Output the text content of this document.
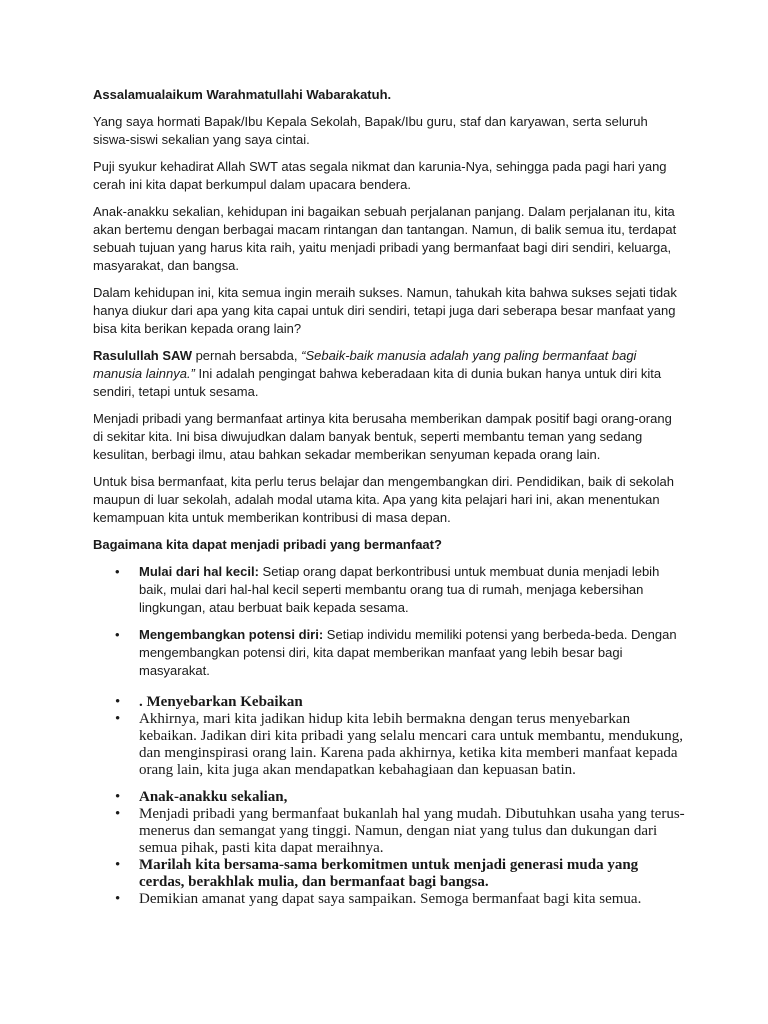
Assalamualaikum Warahmatullahi Wabarakatuh.

Yang saya hormati Bapak/Ibu Kepala Sekolah, Bapak/Ibu guru, staf dan karyawan, serta seluruh siswa-siswi sekalian yang saya cintai.

Puji syukur kehadirat Allah SWT atas segala nikmat dan karunia-Nya, sehingga pada pagi hari yang cerah ini kita dapat berkumpul dalam upacara bendera.

Anak-anakku sekalian, kehidupan ini bagaikan sebuah perjalanan panjang. Dalam perjalanan itu, kita akan bertemu dengan berbagai macam rintangan dan tantangan. Namun, di balik semua itu, terdapat sebuah tujuan yang harus kita raih, yaitu menjadi pribadi yang bermanfaat bagi diri sendiri, keluarga, masyarakat, dan bangsa.

Dalam kehidupan ini, kita semua ingin meraih sukses. Namun, tahukah kita bahwa sukses sejati tidak hanya diukur dari apa yang kita capai untuk diri sendiri, tetapi juga dari seberapa besar manfaat yang bisa kita berikan kepada orang lain?

Rasulullah SAW pernah bersabda, “Sebaik-baik manusia adalah yang paling bermanfaat bagi manusia lainnya.” Ini adalah pengingat bahwa keberadaan kita di dunia bukan hanya untuk diri kita sendiri, tetapi untuk sesama.

Menjadi pribadi yang bermanfaat artinya kita berusaha memberikan dampak positif bagi orang-orang di sekitar kita. Ini bisa diwujudkan dalam banyak bentuk, seperti membantu teman yang sedang kesulitan, berbagi ilmu, atau bahkan sekadar memberikan senyuman kepada orang lain.

Untuk bisa bermanfaat, kita perlu terus belajar dan mengembangkan diri. Pendidikan, baik di sekolah maupun di luar sekolah, adalah modal utama kita. Apa yang kita pelajari hari ini, akan menentukan kemampuan kita untuk memberikan kontribusi di masa depan.

Bagaimana kita dapat menjadi pribadi yang bermanfaat?

• Mulai dari hal kecil: Setiap orang dapat berkontribusi untuk membuat dunia menjadi lebih baik, mulai dari hal-hal kecil seperti membantu orang tua di rumah, menjaga kebersihan lingkungan, atau berbuat baik kepada sesama.
• Mengembangkan potensi diri: Setiap individu memiliki potensi yang berbeda-beda. Dengan mengembangkan potensi diri, kita dapat memberikan manfaat yang lebih besar bagi masyarakat.
• . Menyebarkan Kebaikan
• Akhirnya, mari kita jadikan hidup kita lebih bermakna dengan terus menyebarkan kebaikan. Jadikan diri kita pribadi yang selalu mencari cara untuk membantu, mendukung, dan menginspirasi orang lain. Karena pada akhirnya, ketika kita memberi manfaat kepada orang lain, kita juga akan mendapatkan kebahagiaan dan kepuasan batin.
• Anak-anakku sekalian,
• Menjadi pribadi yang bermanfaat bukanlah hal yang mudah. Dibutuhkan usaha yang terus-menerus dan semangat yang tinggi. Namun, dengan niat yang tulus dan dukungan dari semua pihak, pasti kita dapat meraihnya.
• Marilah kita bersama-sama berkomitmen untuk menjadi generasi muda yang cerdas, berakhlak mulia, dan bermanfaat bagi bangsa.
• Demikian amanat yang dapat saya sampaikan. Semoga bermanfaat bagi kita semua.
